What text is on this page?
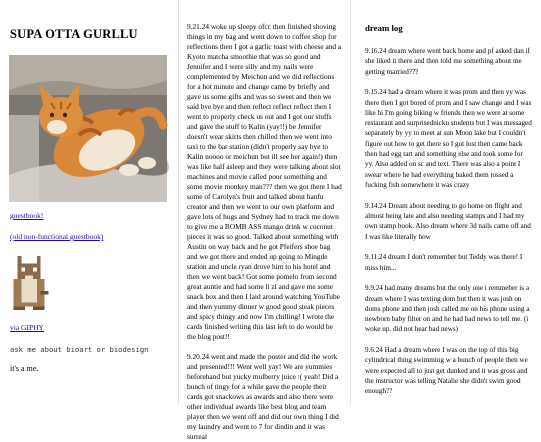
SUPA OTTA GURLLU
guestbook!
(old non-functional guestbook)
via GIPHY

ask me about bioart or biodesign

it's a me.

9.21.24 woke up sleepy ofcc then finished shoving things in my bag and went down to coffee shop for reflections then I got a garlic toast with cheese and a Kyoto matcha smoothie that was so good and Jennifer and I were silly and my nails were complemented by Meichun and we did reflections for a hot minute and change came by briefly and gave us some gifts and was so sweet and then we said bye bye and then reflect reflect reflect then I went to properly check us out and I got our stuffs and gave the stuff to Kalin (yay!!) be Jennifer doesn't wear skirts then chilled then we went into taxi to the bar station (didn't properly say bye to Kalin noooo or meichun but ill see her again!) then was like half asleep and they were talking about slot machines and movie called poor something and some movie monkey man??? then we got there I had some of Carolyn's fruit and talked about hanfu creator and then we went to our own platform and gave lots of hugs and Sydney had to track me down to give me a BOMB ASS mango drink w coconut pieces it was so good. Talked about something with Austin on way back and he got Pfeifers shoe bag and we got there and ended up going to Mingde station and uncle ryan drove him to his hotel and then we went back! Got some pomelo from second great auntie and had some li zi and gave me some snack box and then I laid around watching YouTube and then yummy dinner w good good steak pieces and spicy thingy and now I'm chilling! I wrote the cards finished writing this last left to do would be the blog post!!

9.20.24 went and made the poster and did the work and presented!!! Went well yay! We are yummies beforehand but yucky mulberry juice :( yeah! Did a bunch of tingy for a while gave the people their cards got snackows as awards and also there were other individual awards like best blog and team player then we went off and did our own thing I did my laundry and went to 7 for dindin and it was surreal

dream log

9.16.24 dream where went back home and pf asked dan if she liked it there and then told me something about me getting married???

9.15.24 had a dream where it was prom and then yy was there then I got bored of prom and I saw change and I was like hi I'm going biking w friends then we were at some restaurant and surprisednicku students but I was messaged separately by yy to meet at sun Moon lake but I couldn't figure out how to get there so I got lost then came back then had egg tart and something else and took some for yy. Also added on sc and text. There was also a point I swear where he had everything baked them tossed a fucking fish somewhere it was crazy

9.14.24 Dream about needing to go home on flight and almost being late and also needing stamps and I had my own stamp book. Also dream where 3d nails came off and I was like literally how

9.11.24 dream I don't remember but Teddy was there! I miss him...

9.9.24 had many dreams but the only one i remmeber is a dream where I was texting dom but then it was josh on doms phone and then josh called me on his phone using a newborn baby filter on and he had bad news to tell me. (i woke up. did not hear bad news)

9.6.24 Had a dream where I was on the top of this big cylindrical thing swimming w a bunch of people then we were expected all to just get dunked and it was gross and the instructor was telling Natalie she didn't swim good enough??
